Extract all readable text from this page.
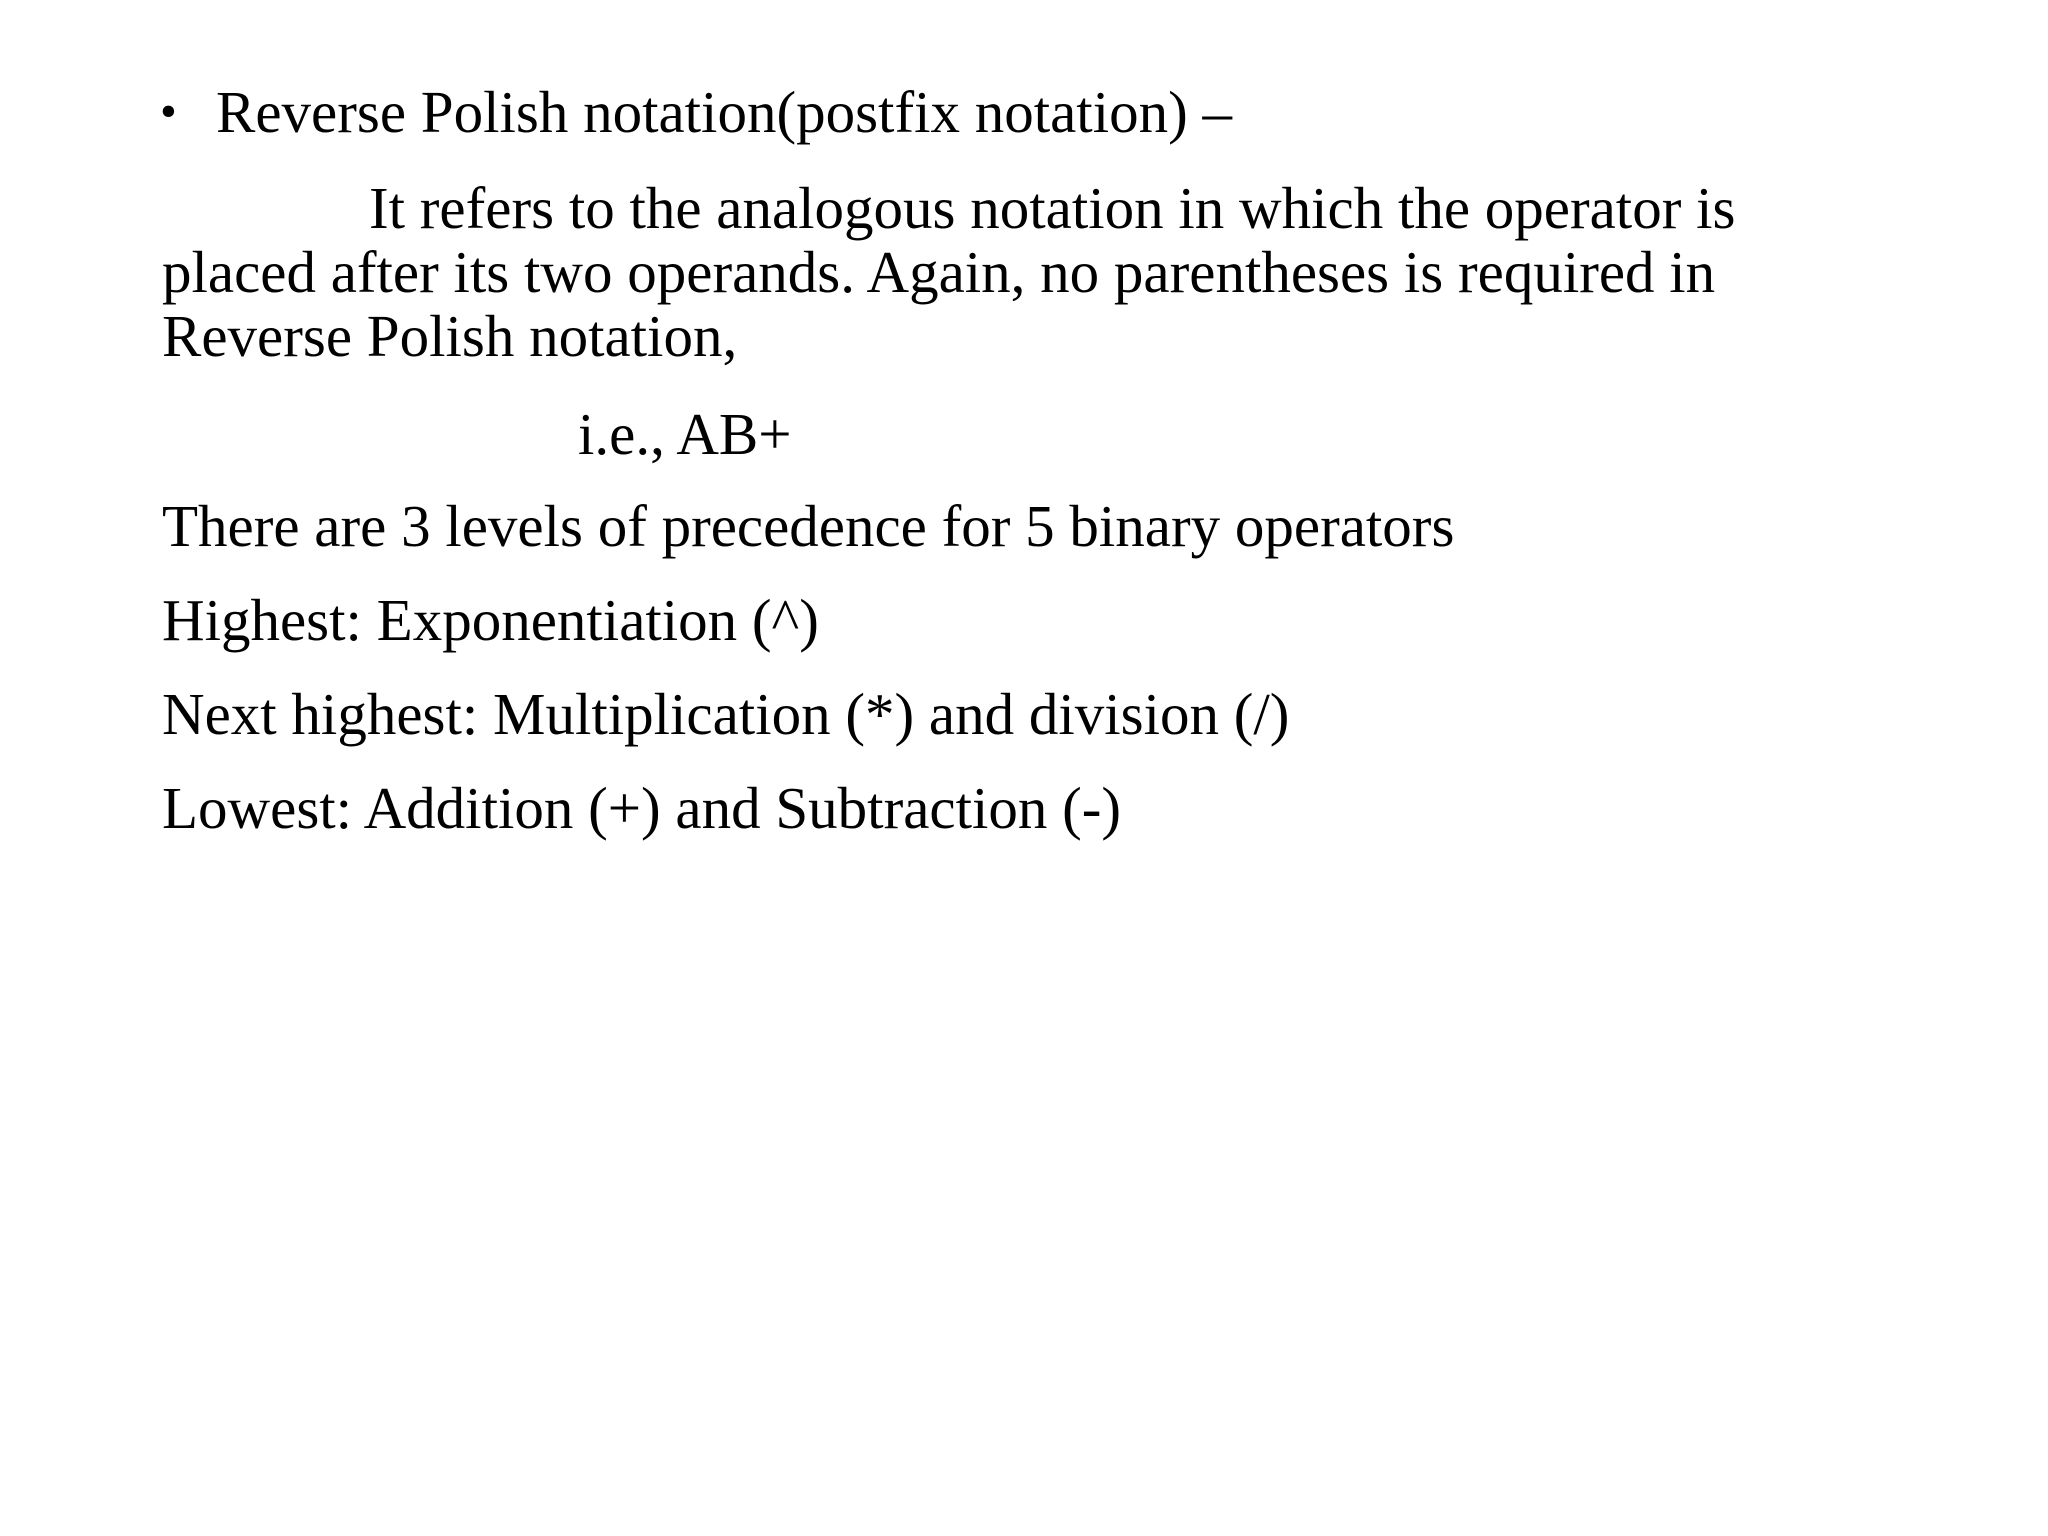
• Reverse Polish notation(postfix notation) –
It refers to the analogous notation in which the operator is
placed after its two operands. Again, no parentheses is required in
Reverse Polish notation,
i.e., AB+
There are 3 levels of precedence for 5 binary operators
Highest: Exponentiation (^)
Next highest: Multiplication (*) and division (/)
Lowest: Addition (+) and Subtraction (-)
